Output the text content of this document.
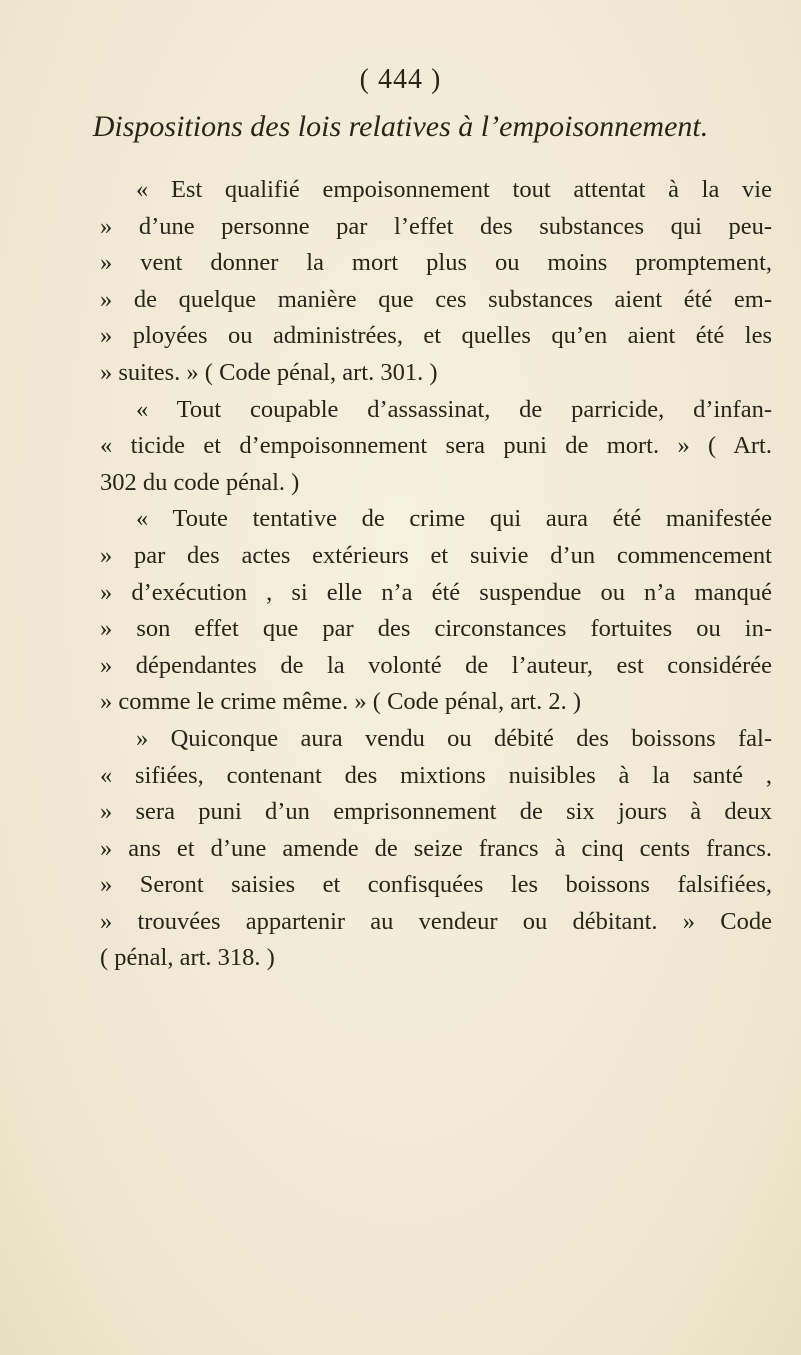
( 444 )
Dispositions des lois relatives à l’empoisonnement.
« Est qualifié empoisonnement tout attentat à la vie
» d’une personne par l’effet des substances qui peu-
» vent donner la mort plus ou moins promptement,
» de quelque manière que ces substances aient été em-
» ployées ou administrées, et quelles qu’en aient été les
» suites. » ( Code pénal, art. 301. )
« Tout coupable d’assassinat, de parricide, d’infan-
« ticide et d’empoisonnement sera puni de mort. » ( Art.
302 du code pénal. )
« Toute tentative de crime qui aura été manifestée
» par des actes extérieurs et suivie d’un commencement
» d’exécution , si elle n’a été suspendue ou n’a manqué
» son effet que par des circonstances fortuites ou in-
» dépendantes de la volonté de l’auteur, est considérée
» comme le crime même. » ( Code pénal, art. 2. )
» Quiconque aura vendu ou débité des boissons fal-
« sifiées, contenant des mixtions nuisibles à la santé ,
» sera puni d’un emprisonnement de six jours à deux
» ans et d’une amende de seize francs à cinq cents francs.
» Seront saisies et confisquées les boissons falsifiées,
» trouvées appartenir au vendeur ou débitant. » Code
( pénal, art. 318. )
